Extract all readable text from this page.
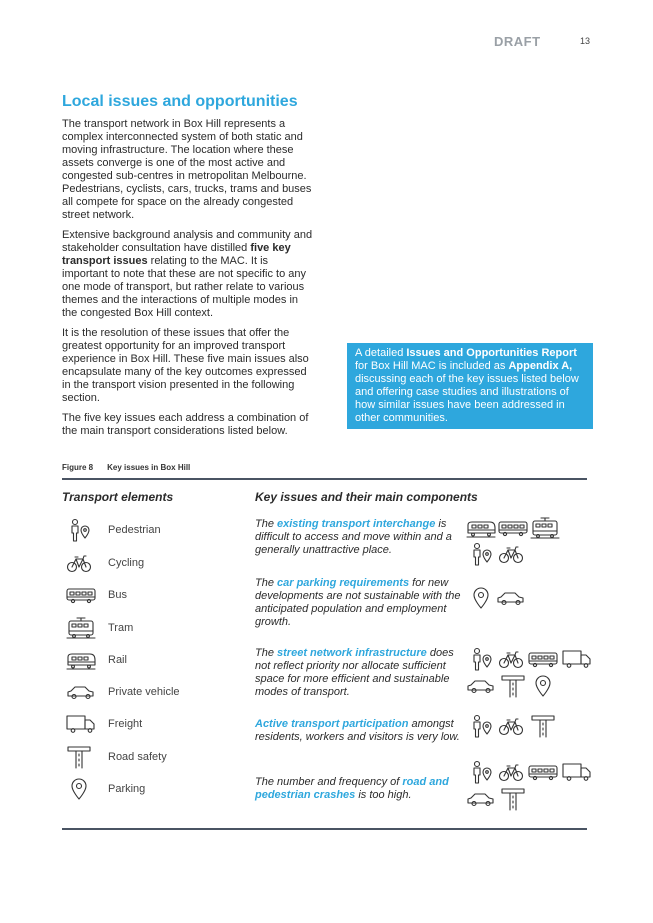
DRAFT	13
Local issues and opportunities

The transport network in Box Hill represents a complex interconnected system of both static and moving infrastructure. The location where these assets converge is one of the most active and congested sub-centres in metropolitan Melbourne. Pedestrians, cyclists, cars, trucks, trams and buses all compete for space on the already congested street network.

Extensive background analysis and community and stakeholder consultation have distilled five key transport issues relating to the MAC. It is important to note that these are not specific to any one mode of transport, but rather relate to various themes and the interactions of multiple modes in the congested Box Hill context.

It is the resolution of these issues that offer the greatest opportunity for an improved transport experience in Box Hill. These five main issues also encapsulate many of the key outcomes expressed in the transport vision presented in the following section.

The five key issues each address a combination of the main transport considerations listed below.

A detailed Issues and Opportunities Report for Box Hill MAC is included as Appendix A, discussing each of the key issues listed below and offering case studies and illustrations of how similar issues have been addressed in other communities.
Figure 8 Key issues in Box Hill
Transport elements	Key issues and their main components
Pedestrian
Cycling
Bus
Tram
Rail
Private vehicle
Freight
Road safety
Parking
The existing transport interchange is difficult to access and move within and a generally unattractive place.
The car parking requirements for new developments are not sustainable with the anticipated population and employment growth.
The street network infrastructure does not reflect priority nor allocate sufficient space for more efficient and sustainable modes of transport.
Active transport participation amongst residents, workers and visitors is very low.
The number and frequency of road and pedestrian crashes is too high.
